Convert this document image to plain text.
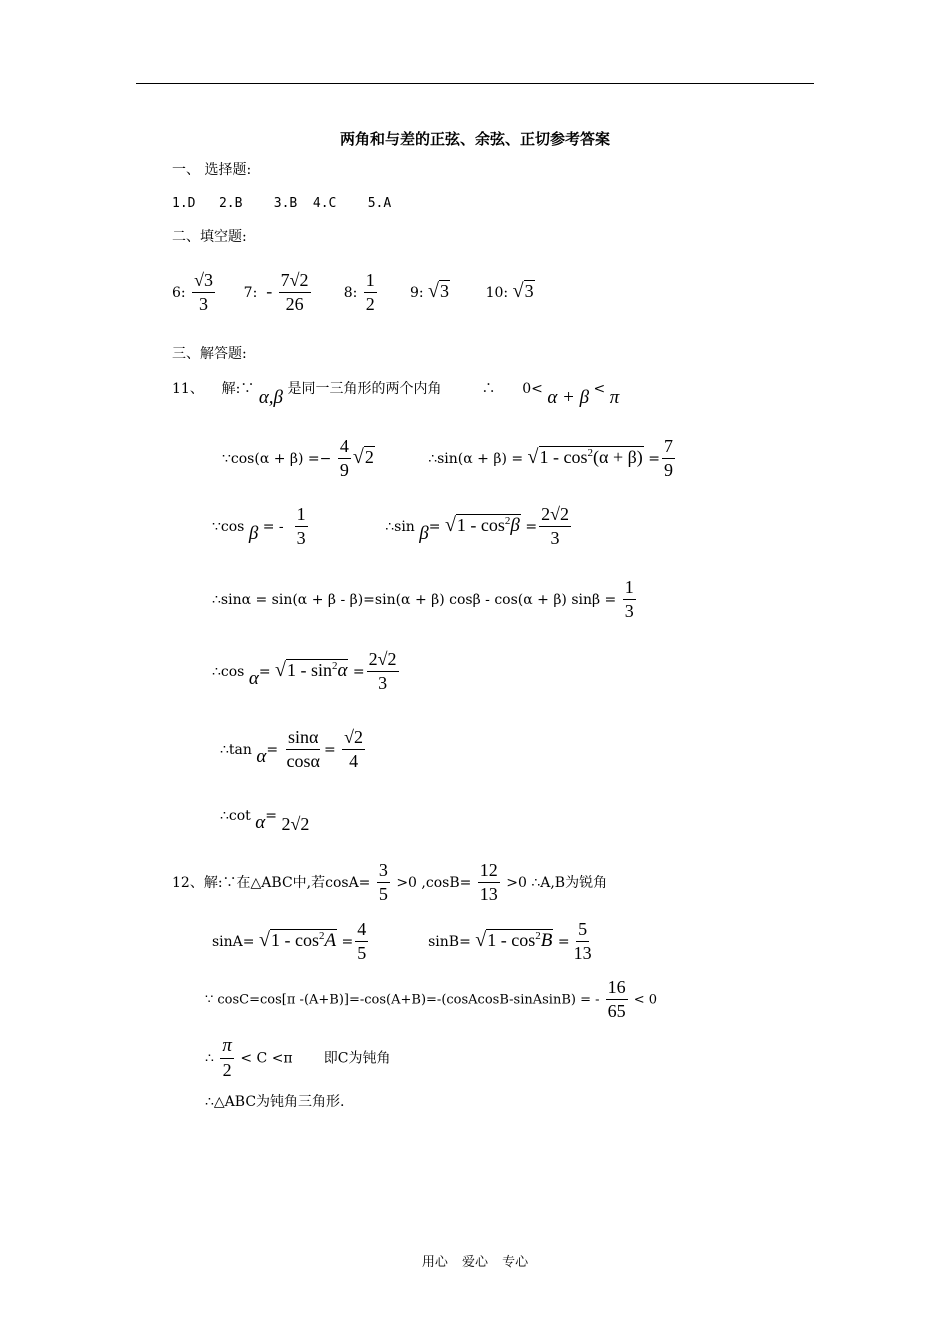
两角和与差的正弦、余弦、正切参考答案
一、 选择题:
1.D 2.B 3.B 4.C 5.A
二、填空题:
6: $\frac{√3}{3} 7$: - $\frac{7√2}{26} 8$: $\frac{1}{2} 9$: √3	10: √3
三、解答题:
11、 解:∵ α,β 是同一三角形的两个内角	∴ 0< α + β < π
∵cos(α + $\beta) =- \frac{4}{9} √2$	∴sin(α + $\beta) = √1 - \cos^2(\alpha + \beta) = \frac{7}{9}$
∵cos β = - $\frac{1}{3}$	∴sin $\beta= √1 - \cos^2\beta = \frac{2√2}{3}$
∴sinα = sin(α + β - β)=sin(α + β) cosβ - cos(α + β) $\sin\beta = \frac{1}{3}$
∴cos $\alpha= √1 - \sin^2\alpha = \frac{2√2}{3}$
∴tan $\alpha= \frac{\sin\alpha}{\cos\alpha} = \frac{√2}{4}$
∴cot α= 2√2
12、解:∵在△ABC中,若$\cos A= \frac{3}{5} >0$ $,\cos B= \frac{12}{13} >0$ ∴A,B为锐角
$\sin A= √1 - \cos^2A = \frac{4}{5}$	$\sin B= √1 - \cos^2B = \frac{5}{13}$
∵ cosC=cos[π -(A+B)]=-cos(A+B)=-(cosAcosB-sinAsinB) = - $\frac{16}{65} < 0$
∴ $\frac{\pi}{2} < C <\pi$ 即C为钝角
∴△ABC为钝角三角形.
用心 爱心 专心
